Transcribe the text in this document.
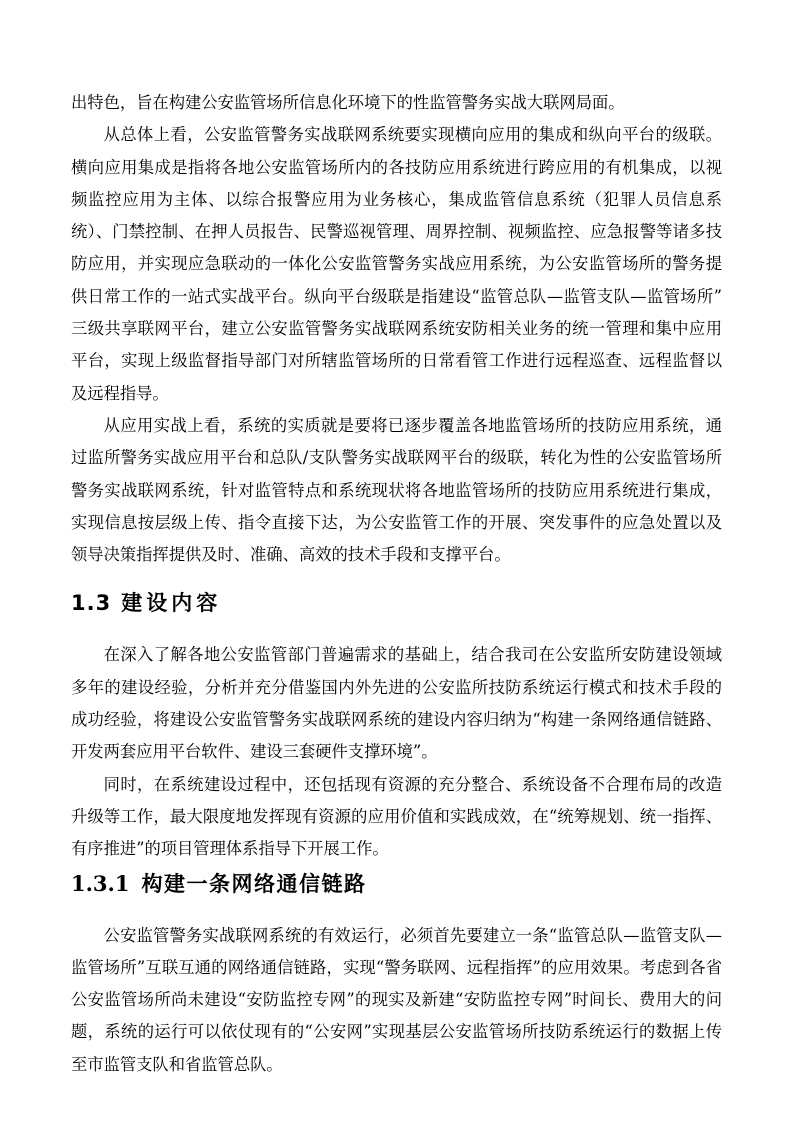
出特色，旨在构建公安监管场所信息化环境下的性监管警务实战大联网局面。

从总体上看，公安监管警务实战联网系统要实现横向应用的集成和纵向平台的级联。横向应用集成是指将各地公安监管场所内的各技防应用系统进行跨应用的有机集成，以视频监控应用为主体、以综合报警应用为业务核心，集成监管信息系统（犯罪人员信息系统）、门禁控制、在押人员报告、民警巡视管理、周界控制、视频监控、应急报警等诸多技防应用，并实现应急联动的一体化公安监管警务实战应用系统，为公安监管场所的警务提供日常工作的一站式实战平台。纵向平台级联是指建设“监管总队—监管支队—监管场所”三级共享联网平台，建立公安监管警务实战联网系统安防相关业务的统一管理和集中应用平台，实现上级监督指导部门对所辖监管场所的日常看管工作进行远程巡查、远程监督以及远程指导。

从应用实战上看，系统的实质就是要将已逐步覆盖各地监管场所的技防应用系统，通过监所警务实战应用平台和总队/支队警务实战联网平台的级联，转化为性的公安监管场所警务实战联网系统，针对监管特点和系统现状将各地监管场所的技防应用系统进行集成，实现信息按层级上传、指令直接下达，为公安监管工作的开展、突发事件的应急处置以及领导决策指挥提供及时、准确、高效的技术手段和支撑平台。

1.3 建设内容

在深入了解各地公安监管部门普遍需求的基础上，结合我司在公安监所安防建设领域多年的建设经验，分析并充分借鉴国内外先进的公安监所技防系统运行模式和技术手段的成功经验，将建设公安监管警务实战联网系统的建设内容归纳为“构建一条网络通信链路、开发两套应用平台软件、建设三套硬件支撑环境”。

同时，在系统建设过程中，还包括现有资源的充分整合、系统设备不合理布局的改造升级等工作，最大限度地发挥现有资源的应用价值和实践成效，在“统筹规划、统一指挥、有序推进”的项目管理体系指导下开展工作。

1.3.1 构建一条网络通信链路

公安监管警务实战联网系统的有效运行，必须首先要建立一条“监管总队—监管支队—监管场所”互联互通的网络通信链路，实现“警务联网、远程指挥”的应用效果。考虑到各省公安监管场所尚未建设“安防监控专网”的现实及新建“安防监控专网”时间长、费用大的问题，系统的运行可以依仗现有的“公安网”实现基层公安监管场所技防系统运行的数据上传至市监管支队和省监管总队。
